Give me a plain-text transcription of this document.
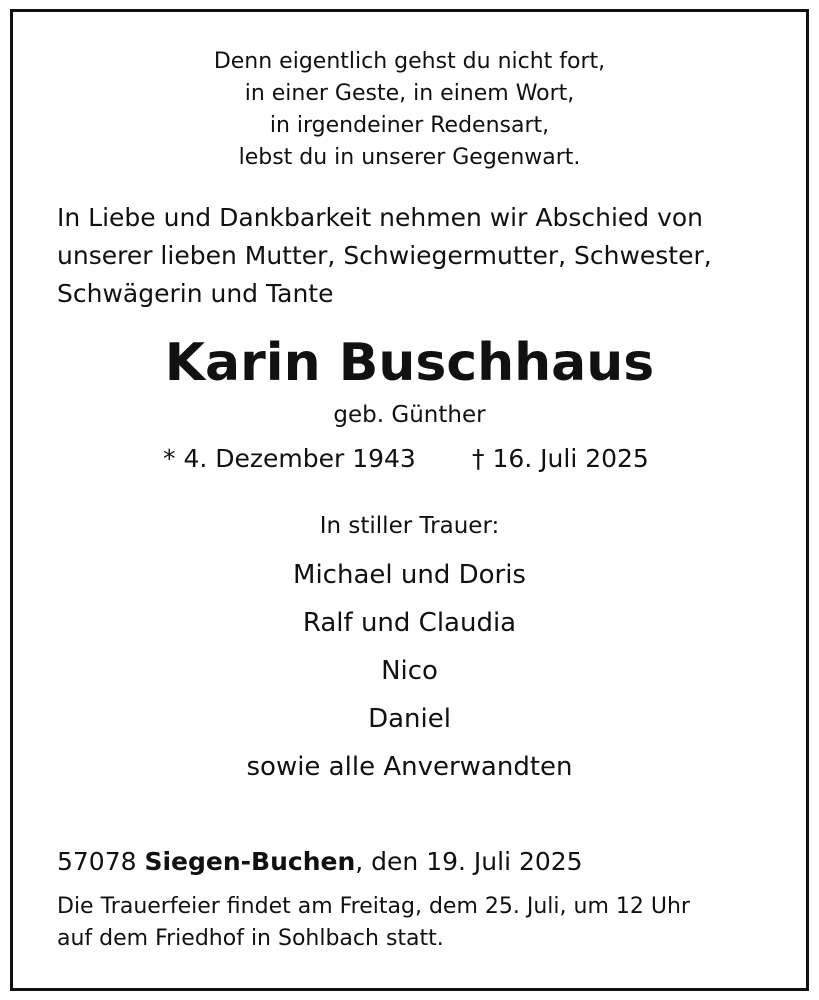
Denn eigentlich gehst du nicht fort,
in einer Geste, in einem Wort,
in irgendeiner Redensart,
lebst du in unserer Gegenwart.
In Liebe und Dankbarkeit nehmen wir Abschied von
unserer lieben Mutter, Schwiegermutter, Schwester,
Schwägerin und Tante
Karin Buschhaus
geb. Günther
* 4. Dezember 1943 † 16. Juli 2025
In stiller Trauer:
Michael und Doris
Ralf und Claudia
Nico
Daniel
sowie alle Anverwandten
57078 Siegen-Buchen, den 19. Juli 2025
Die Trauerfeier findet am Freitag, dem 25. Juli, um 12 Uhr
auf dem Friedhof in Sohlbach statt.
